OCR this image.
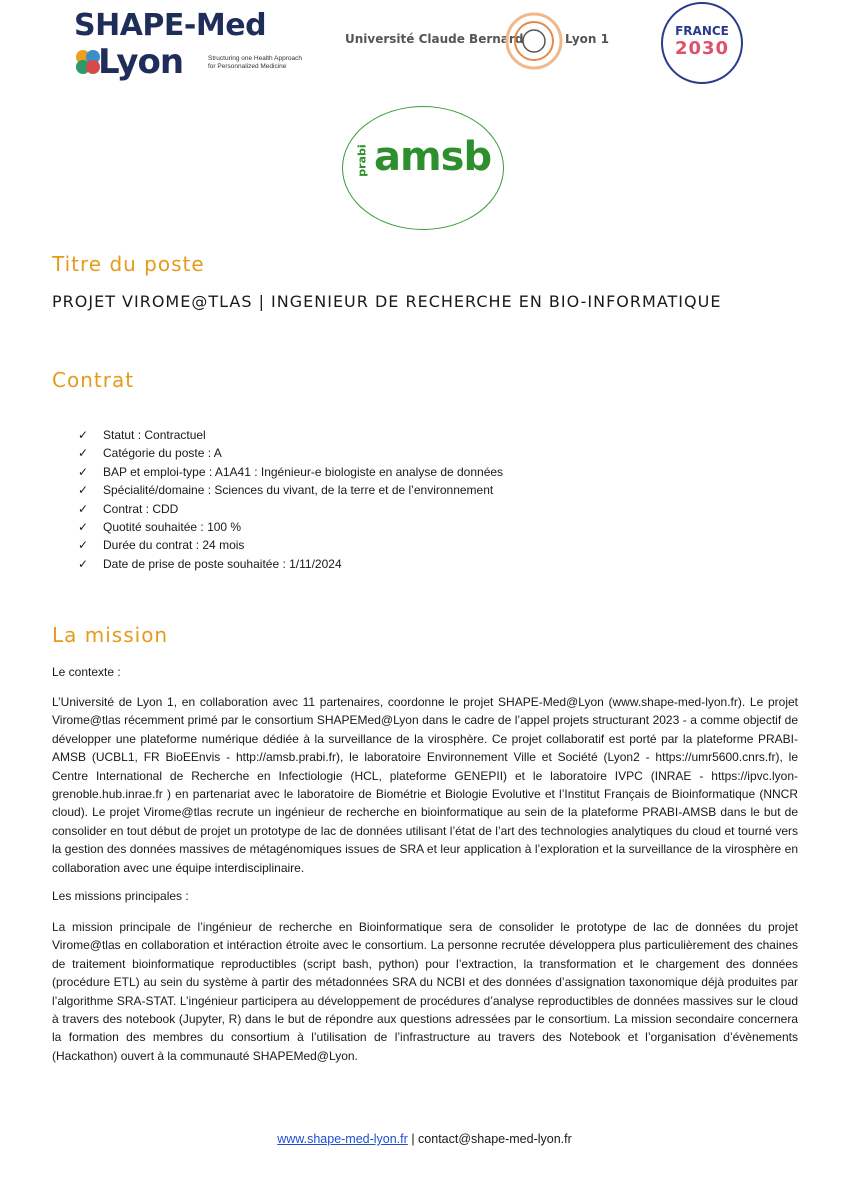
SHAPE-Med
Lyon	Structuring one Health Approach
for Personnalized Medicine
Université Claude Bernard	Lyon 1
FRANCE
2030
prabi amsb
Titre du poste
PROJET VIROME@TLAS | INGENIEUR DE RECHERCHE EN BIO-INFORMATIQUE
Contrat
✓ Statut : Contractuel
✓ Catégorie du poste : A
✓ BAP et emploi-type : A1A41 : Ingénieur-e biologiste en analyse de données
✓ Spécialité/domaine : Sciences du vivant, de la terre et de l’environnement
✓ Contrat : CDD
✓ Quotité souhaitée : 100 %
✓ Durée du contrat : 24 mois
✓ Date de prise de poste souhaitée : 1/11/2024
La mission

Le contexte :

L’Université de Lyon 1, en collaboration avec 11 partenaires, coordonne le projet SHAPE-Med@Lyon (www.shape-med-lyon.fr). Le projet Virome@tlas récemment primé par le consortium SHAPEMed@Lyon dans le cadre de l’appel projets structurant 2023 - a comme objectif de développer une plateforme numérique dédiée à la surveillance de la virosphère. Ce projet collaboratif est porté par la plateforme PRABI-AMSB (UCBL1, FR BioEEnvis - http://amsb.prabi.fr), le laboratoire Environnement Ville et Société (Lyon2 - https://umr5600.cnrs.fr), le Centre International de Recherche en Infectiologie (HCL, plateforme GENEPII) et le laboratoire IVPC (INRAE - https://ipvc.lyon-grenoble.hub.inrae.fr ) en partenariat avec le laboratoire de Biométrie et Biologie Evolutive et l’Institut Français de Bioinformatique (NNCR cloud). Le projet Virome@tlas recrute un ingénieur de recherche en bioinformatique au sein de la plateforme PRABI-AMSB dans le but de consolider en tout début de projet un prototype de lac de données utilisant l’état de l’art des technologies analytiques du cloud et tourné vers la gestion des données massives de métagénomiques issues de SRA et leur application à l’exploration et la surveillance de la virosphère en collaboration avec une équipe interdisciplinaire.

Les missions principales :

La mission principale de l’ingénieur de recherche en Bioinformatique sera de consolider le prototype de lac de données du projet Virome@tlas en collaboration et intéraction étroite avec le consortium. La personne recrutée développera plus particulièrement des chaines de traitement bioinformatique reproductibles (script bash, python) pour l’extraction, la transformation et le chargement des données (procédure ETL) au sein du système à partir des métadonnées SRA du NCBI et des données d’assignation taxonomique déjà produites par l’algorithme SRA-STAT. L’ingénieur participera au développement de procédures d’analyse reproductibles de données massives sur le cloud à travers des notebook (Jupyter, R) dans le but de répondre aux questions adressées par le consortium. La mission secondaire concernera la formation des membres du consortium à l’utilisation de l’infrastructure au travers des Notebook et l’organisation d’évènements (Hackathon) ouvert à la communauté SHAPEMed@Lyon.

www.shape-med-lyon.fr | contact@shape-med-lyon.fr
